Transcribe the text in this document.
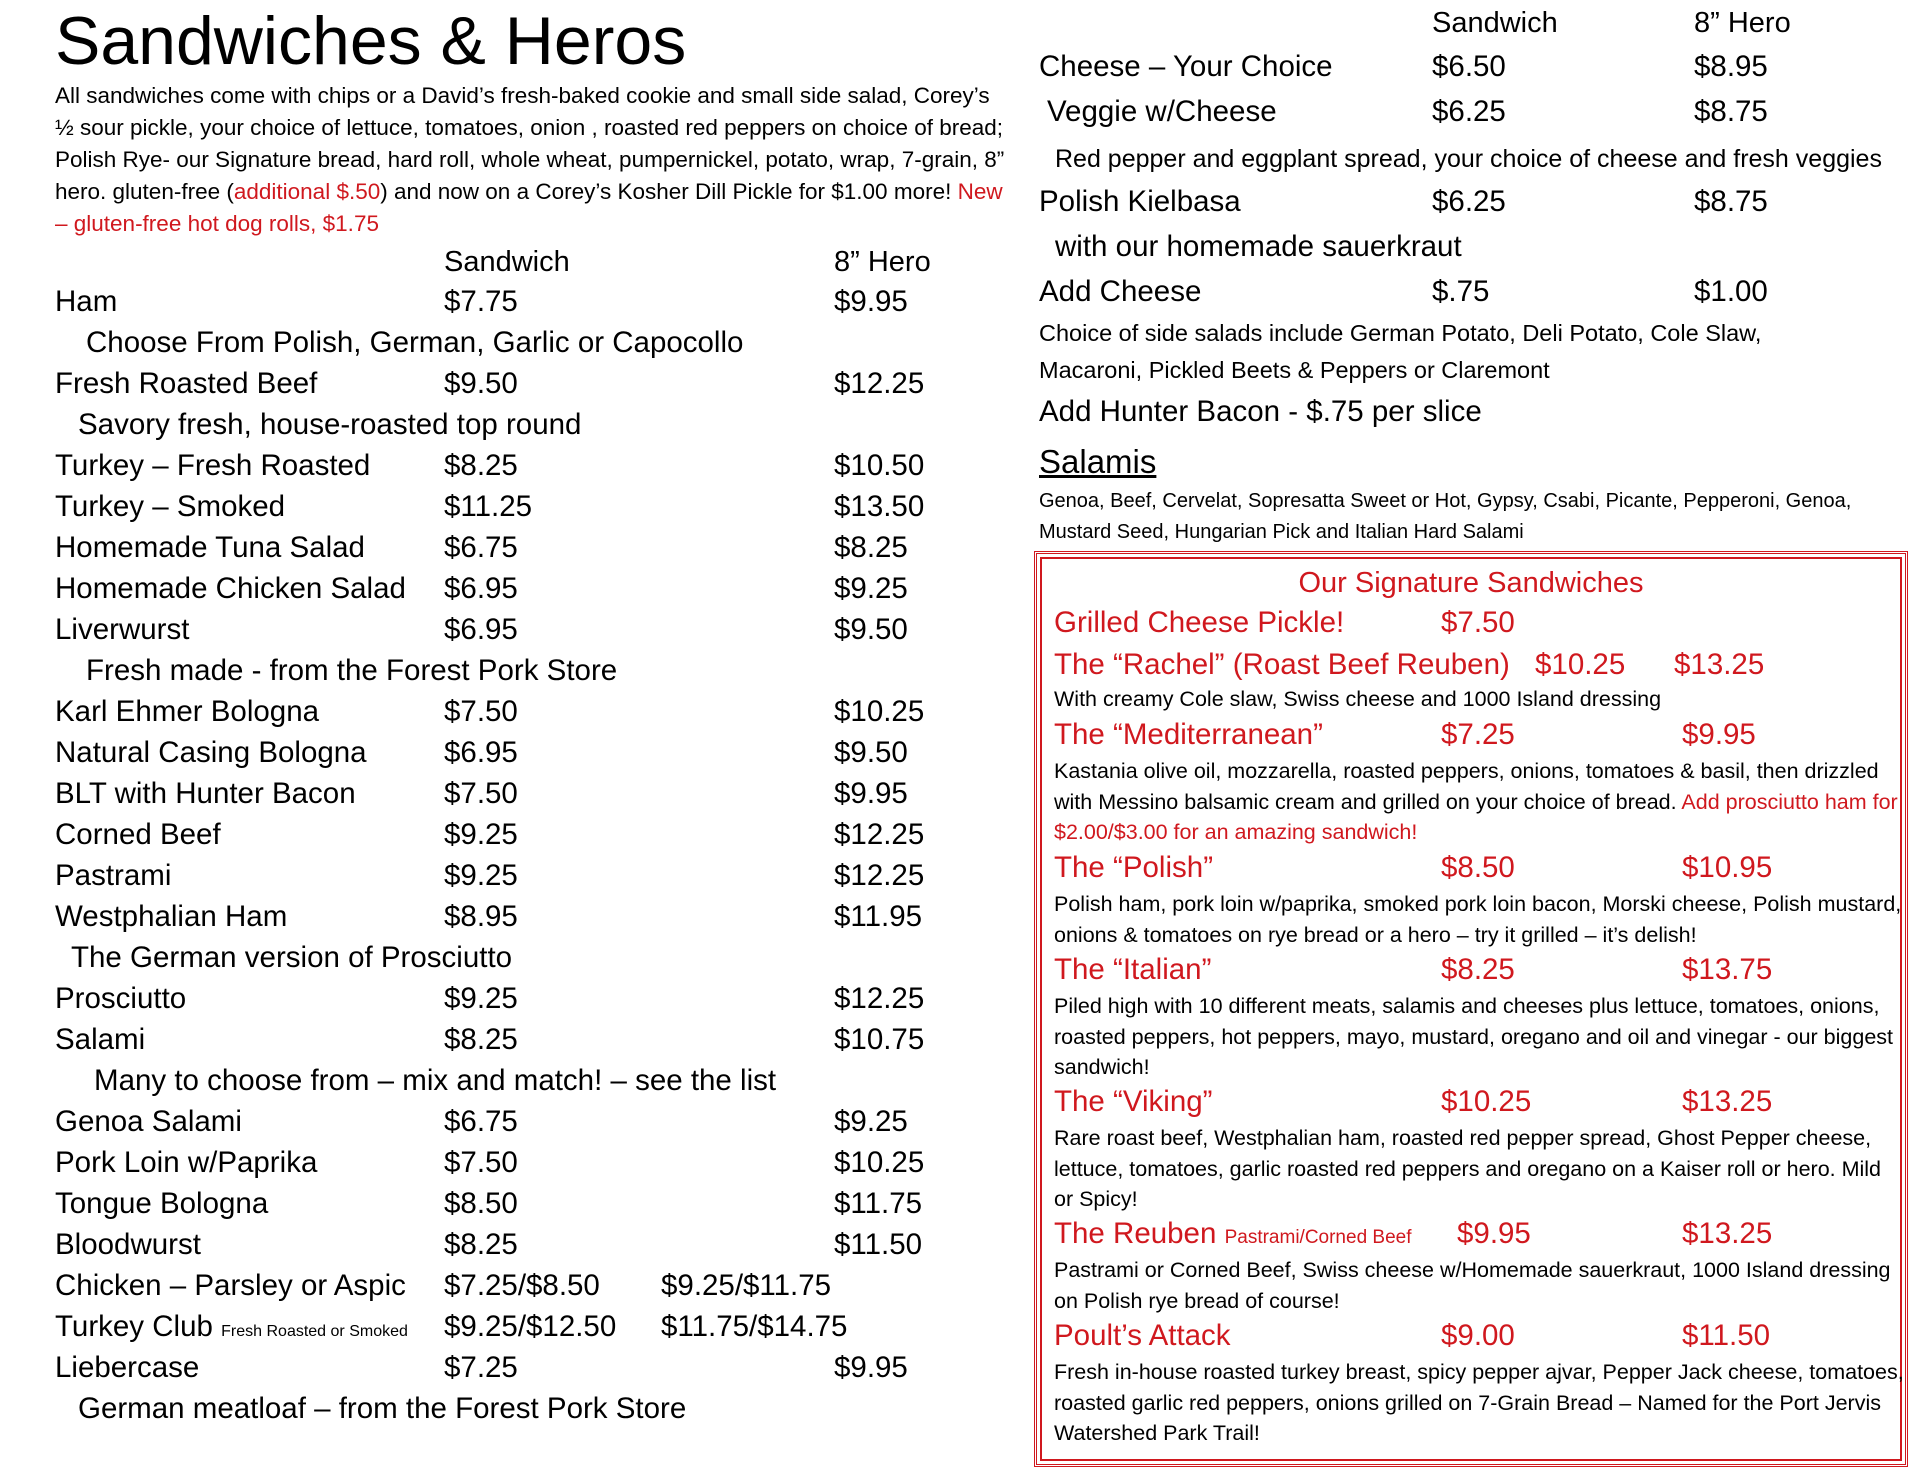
Sandwiches & Heros
All sandwiches come with chips or a David’s fresh-baked cookie and small side salad, Corey’s ½ sour pickle, your choice of lettuce, tomatoes, onion , roasted red peppers on choice of bread; Polish Rye- our Signature bread, hard roll, whole wheat, pumpernickel, potato, wrap, 7-grain, 8” hero. gluten-free (additional $.50) and now on a Corey’s Kosher Dill Pickle for $1.00 more! New – gluten-free hot dog rolls, $1.75
Sandwich	8” Hero
Ham	$7.75	$9.95
Choose From Polish, German, Garlic or Capocollo
Fresh Roasted Beef	$9.50	$12.25
Savory fresh, house-roasted top round
Turkey – Fresh Roasted $8.25	$10.50
Turkey – Smoked	$11.25	$13.50
Homemade Tuna Salad	$6.75	$8.25
Homemade Chicken Salad $6.95	$9.25
Liverwurst	$6.95	$9.50
Fresh made - from the Forest Pork Store
Karl Ehmer Bologna	$7.50	$10.25
Natural Casing Bologna	$6.95	$9.50
BLT with Hunter Bacon	$7.50	$9.95
Corned Beef	$9.25	$12.25
Pastrami	$9.25	$12.25
Westphalian Ham	$8.95	$11.95
The German version of Prosciutto
Prosciutto	$9.25	$12.25
Salami	$8.25	$10.75
Many to choose from – mix and match! – see the list
Genoa Salami	$6.75	$9.25
Pork Loin w/Paprika	$7.50	$10.25
Tongue Bologna	$8.50	$11.75
Bloodwurst	$8.25	$11.50
Chicken – Parsley or Aspic $7.25/$8.50 $9.25/$11.75
Turkey Club Fresh Roasted or Smoked $9.25/$12.50 $11.75/$14.75
Liebercase	$7.25	$9.95
German meatloaf – from the Forest Pork Store
Sandwich	8” Hero
Cheese – Your Choice	$6.50	$8.95
Veggie w/Cheese	$6.25	$8.75
Red pepper and eggplant spread, your choice of cheese and fresh veggies
Polish Kielbasa	$6.25	$8.75
with our homemade sauerkraut
Add Cheese	$.75	$1.00
Choice of side salads include German Potato, Deli Potato, Cole Slaw,
Macaroni, Pickled Beets & Peppers or Claremont
Add Hunter Bacon - $.75 per slice
Salamis
Genoa, Beef, Cervelat, Sopresatta Sweet or Hot, Gypsy, Csabi, Picante, Pepperoni, Genoa, Mustard Seed, Hungarian Pick and Italian Hard Salami
Our Signature Sandwiches
Grilled Cheese Pickle!	$7.50
The “Rachel” (Roast Beef Reuben) $10.25 $13.25
With creamy Cole slaw, Swiss cheese and 1000 Island dressing
The “Mediterranean”	$7.25	$9.95
Kastania olive oil, mozzarella, roasted peppers, onions, tomatoes & basil, then drizzled with Messino balsamic cream and grilled on your choice of bread. Add prosciutto ham for $2.00/$3.00 for an amazing sandwich!
The “Polish”	$8.50	$10.95
Polish ham, pork loin w/paprika, smoked pork loin bacon, Morski cheese, Polish mustard, onions & tomatoes on rye bread or a hero – try it grilled – it’s delish!
The “Italian”	$8.25	$13.75
Piled high with 10 different meats, salamis and cheeses plus lettuce, tomatoes, onions, roasted peppers, hot peppers, mayo, mustard, oregano and oil and vinegar - our biggest sandwich!
The “Viking”	$10.25	$13.25
Rare roast beef, Westphalian ham, roasted red pepper spread, Ghost Pepper cheese, lettuce, tomatoes, garlic roasted red peppers and oregano on a Kaiser roll or hero. Mild or Spicy!
The Reuben Pastrami/Corned Beef $9.95	$13.25
Pastrami or Corned Beef, Swiss cheese w/Homemade sauerkraut, 1000 Island dressing on Polish rye bread of course!
Poult’s Attack	$9.00	$11.50
Fresh in-house roasted turkey breast, spicy pepper ajvar, Pepper Jack cheese, tomatoes, roasted garlic red peppers, onions grilled on 7-Grain Bread – Named for the Port Jervis Watershed Park Trail!
